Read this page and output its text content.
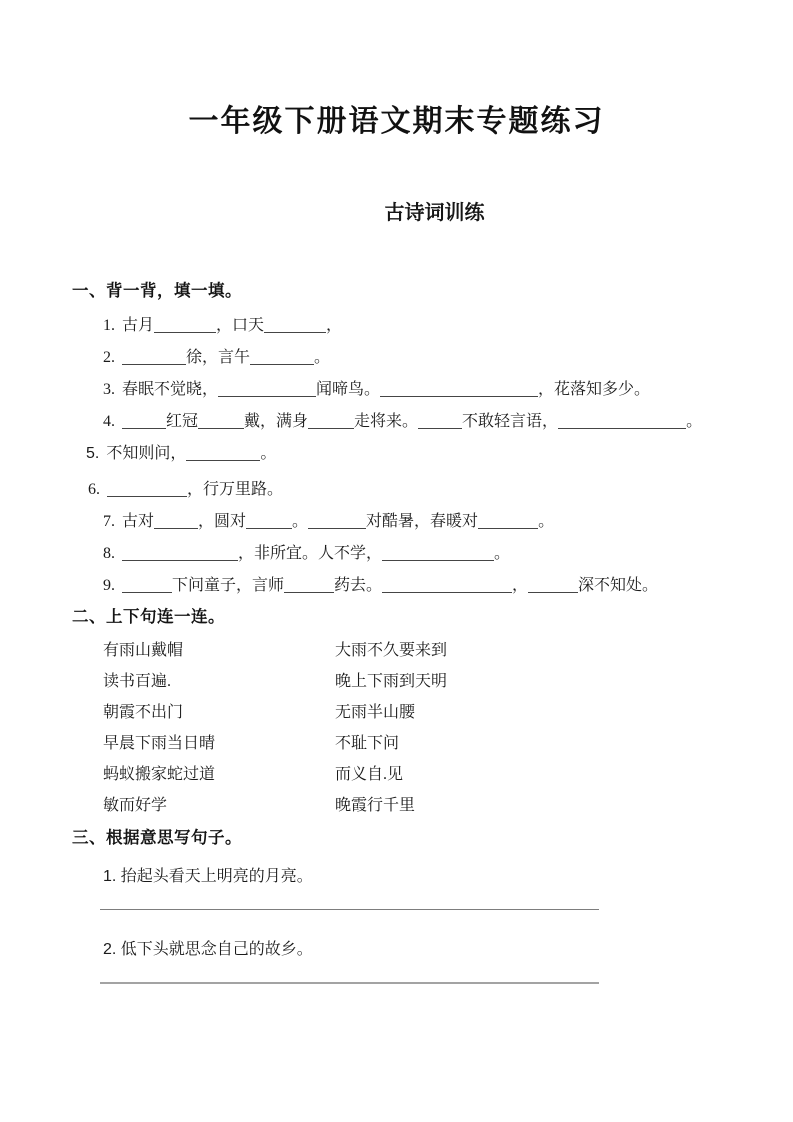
一年级下册语文期末专题练习
古诗词训练
一、背一背，填一填。
1. 古月	，口天	，
2.	徐，言午	。
3. 春眠不觉晓，	闻啼鸟。	，花落知多少。
4.	红冠	戴，满身	走将来。	不敢轻言语，	。
5. 不知则问，	。
6.	，行万里路。
7. 古对	，圆对	。	对酷暑，春暖对	。
8.	，非所宜。人不学，	。
9.	下问童子，言师	药去。	，	深不知处。
二、上下句连一连。
有雨山戴帽	大雨不久要来到
读书百遍.	晚上下雨到天明
朝霞不出门	无雨半山腰
早晨下雨当日晴	不耻下问
蚂蚁搬家蛇过道	而义自.见
敏而好学	晚霞行千里
三、根据意思写句子。
1. 抬起头看天上明亮的月亮。
2. 低下头就思念自己的故乡。
